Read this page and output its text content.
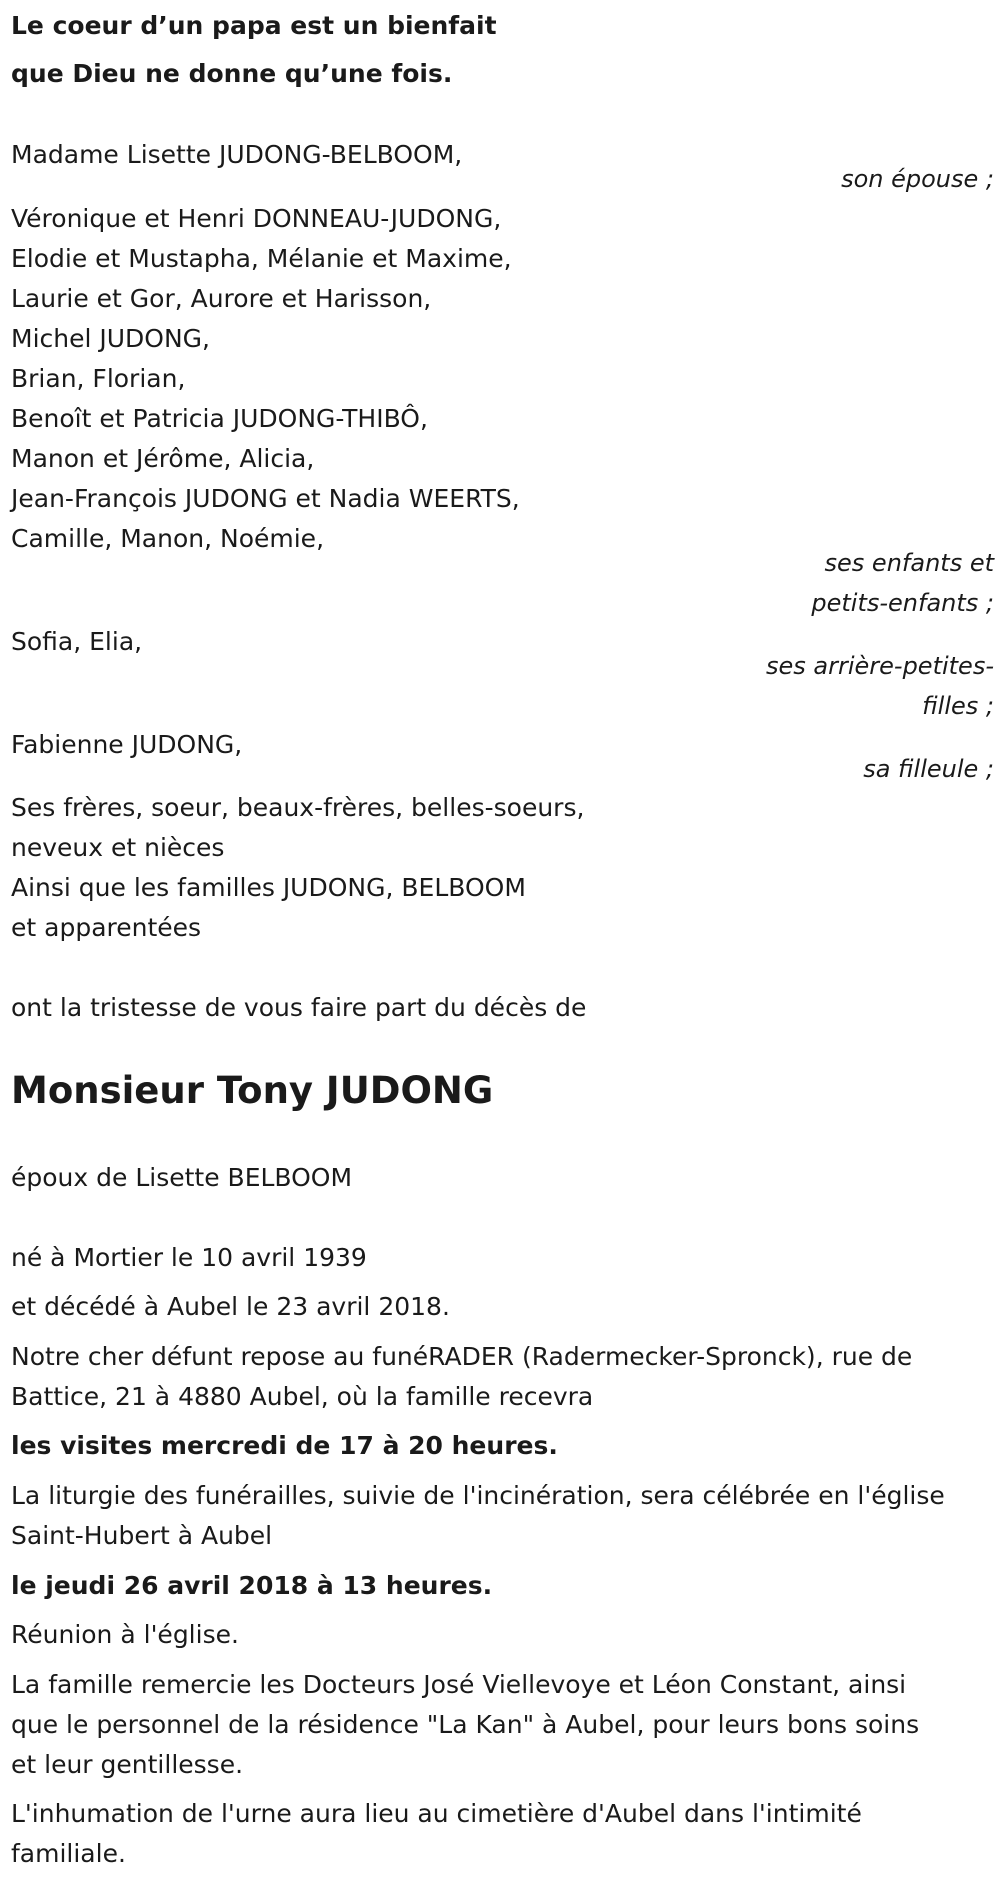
Le coeur d’un papa est un bienfait
que Dieu ne donne qu’une fois.
Madame Lisette JUDONG-BELBOOM,
son épouse ;
Véronique et Henri DONNEAU-JUDONG,
Elodie et Mustapha, Mélanie et Maxime,
Laurie et Gor, Aurore et Harisson,
Michel JUDONG,
Brian, Florian,
Benoît et Patricia JUDONG-THIBÔ,
Manon et Jérôme, Alicia,
Jean-François JUDONG et Nadia WEERTS,
Camille, Manon, Noémie,
ses enfants et
petits-enfants ;
Sofia, Elia,
ses arrière-petites-
filles ;
Fabienne JUDONG,
sa filleule ;
Ses frères, soeur, beaux-frères, belles-soeurs,
neveux et nièces
Ainsi que les familles JUDONG, BELBOOM
et apparentées
ont la tristesse de vous faire part du décès de
Monsieur Tony JUDONG
époux de Lisette BELBOOM
né à Mortier le 10 avril 1939
et décédé à Aubel le 23 avril 2018.
Notre cher défunt repose au funéRADER (Radermecker-Spronck), rue de
Battice, 21 à 4880 Aubel, où la famille recevra
les visites mercredi de 17 à 20 heures.
La liturgie des funérailles, suivie de l'incinération, sera célébrée en l'église
Saint-Hubert à Aubel
le jeudi 26 avril 2018 à 13 heures.
Réunion à l'église.
La famille remercie les Docteurs José Viellevoye et Léon Constant, ainsi
que le personnel de la résidence "La Kan" à Aubel, pour leurs bons soins
et leur gentillesse.
L'inhumation de l'urne aura lieu au cimetière d'Aubel dans l'intimité
familiale.
